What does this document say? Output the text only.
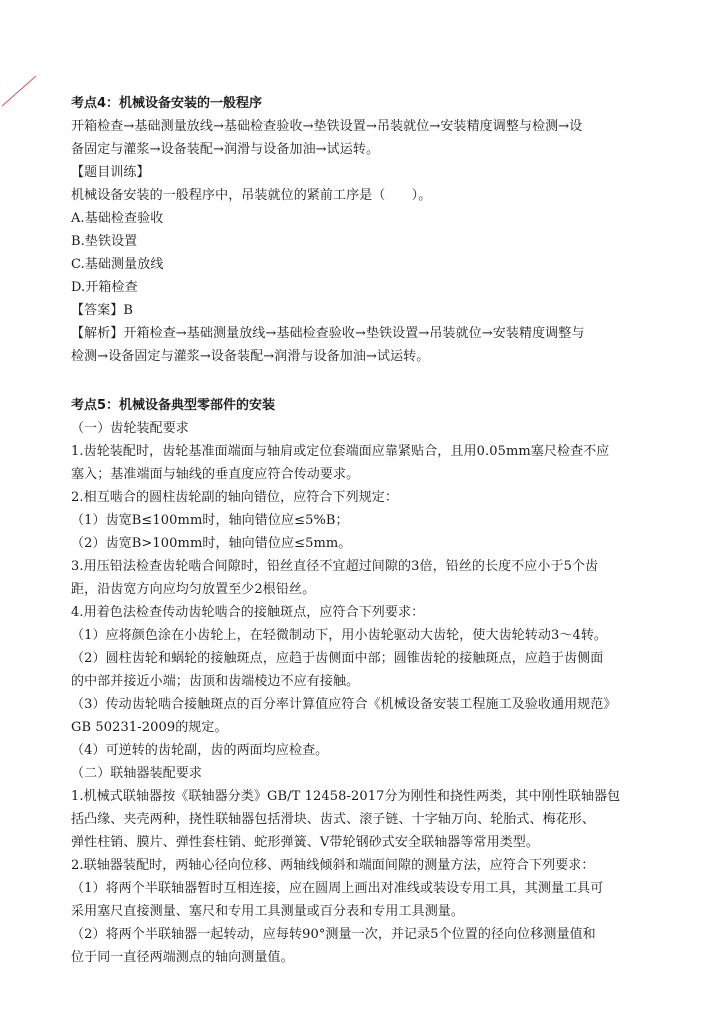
考点4：机械设备安装的一般程序
开箱检查→基础测量放线→基础检查验收→垫铁设置→吊装就位→安装精度调整与检测→设
备固定与灌浆→设备装配→润滑与设备加油→试运转。
【题目训练】
机械设备安装的一般程序中，吊装就位的紧前工序是（　　）。
A.基础检查验收
B.垫铁设置
C.基础测量放线
D.开箱检查
【答案】B
【解析】开箱检查→基础测量放线→基础检查验收→垫铁设置→吊装就位→安装精度调整与
检测→设备固定与灌浆→设备装配→润滑与设备加油→试运转。
考点5：机械设备典型零部件的安装
（一）齿轮装配要求
1.齿轮装配时，齿轮基准面端面与轴肩或定位套端面应靠紧贴合，且用0.05mm塞尺检查不应
塞入；基准端面与轴线的垂直度应符合传动要求。
2.相互啮合的圆柱齿轮副的轴向错位，应符合下列规定：
（1）齿宽B≤100mm时，轴向错位应≤5%B；
（2）齿宽B>100mm时，轴向错位应≤5mm。
3.用压铅法检查齿轮啮合间隙时，铅丝直径不宜超过间隙的3倍，铅丝的长度不应小于5个齿
距，沿齿宽方向应均匀放置至少2根铅丝。
4.用着色法检查传动齿轮啮合的接触斑点，应符合下列要求：
（1）应将颜色涂在小齿轮上，在轻微制动下，用小齿轮驱动大齿轮，使大齿轮转动3～4转。
（2）圆柱齿轮和蜗轮的接触斑点，应趋于齿侧面中部；圆锥齿轮的接触斑点，应趋于齿侧面
的中部并接近小端；齿顶和齿端棱边不应有接触。
（3）传动齿轮啮合接触斑点的百分率计算值应符合《机械设备安装工程施工及验收通用规范》
GB 50231-2009的规定。
（4）可逆转的齿轮副，齿的两面均应检查。
（二）联轴器装配要求
1.机械式联轴器按《联轴器分类》GB/T 12458-2017分为刚性和挠性两类，其中刚性联轴器包
括凸缘、夹壳两种，挠性联轴器包括滑块、齿式、滚子链、十字轴万向、轮胎式、梅花形、
弹性柱销、膜片、弹性套柱销、蛇形弹簧、V带轮钢砂式安全联轴器等常用类型。
2.联轴器装配时，两轴心径向位移、两轴线倾斜和端面间隙的测量方法，应符合下列要求：
（1）将两个半联轴器暂时互相连接，应在圆周上画出对准线或装设专用工具，其测量工具可
采用塞尺直接测量、塞尺和专用工具测量或百分表和专用工具测量。
（2）将两个半联轴器一起转动，应每转90°测量一次，并记录5个位置的径向位移测量值和
位于同一直径两端测点的轴向测量值。
